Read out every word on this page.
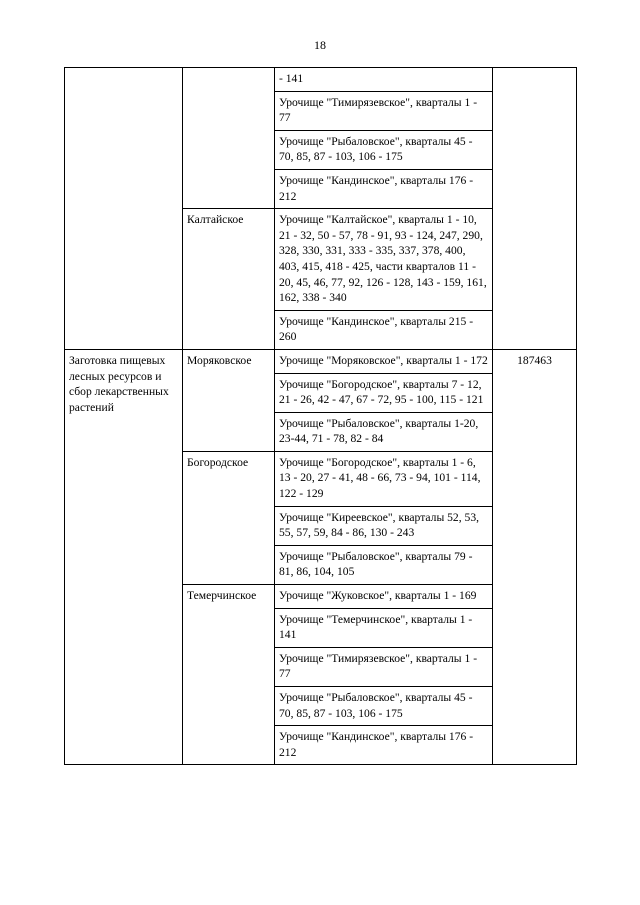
18
		- 141	
		Урочище "Тимирязевское", кварталы 1 - 77	
		Урочище "Рыбаловское", кварталы 45 - 70, 85, 87 - 103, 106 - 175	
		Урочище "Кандинское", кварталы 176 - 212	
	Калтайское	Урочище "Калтайское", кварталы 1 - 10, 21 - 32, 50 - 57, 78 - 91, 93 - 124, 247, 290, 328, 330, 331, 333 - 335, 337, 378, 400, 403, 415, 418 - 425, части кварталов 11 - 20, 45, 46, 77, 92, 126 - 128, 143 - 159, 161, 162, 338 - 340	
		Урочище "Кандинское", кварталы 215 - 260	
Заготовка пищевых лесных ресурсов и сбор лекарственных растений	Моряковское	Урочище "Моряковское", кварталы 1 - 172	187463
		Урочище "Богородское", кварталы 7 - 12, 21 - 26, 42 - 47, 67 - 72, 95 - 100, 115 - 121	
		Урочище "Рыбаловское", кварталы 1-20, 23-44, 71 - 78, 82 - 84	
	Богородское	Урочище "Богородское", кварталы 1 - 6, 13 - 20, 27 - 41, 48 - 66, 73 - 94, 101 - 114, 122 - 129	
		Урочище "Киреевское", кварталы 52, 53, 55, 57, 59, 84 - 86, 130 - 243	
		Урочище "Рыбаловское", кварталы 79 - 81, 86, 104, 105	
	Темерчинское	Урочище "Жуковское", кварталы 1 - 169	
		Урочище "Темерчинское", кварталы 1 - 141	
		Урочище "Тимирязевское", кварталы 1 - 77	
		Урочище "Рыбаловское", кварталы 45 - 70, 85, 87 - 103, 106 - 175	
		Урочище "Кандинское", кварталы 176 - 212	
